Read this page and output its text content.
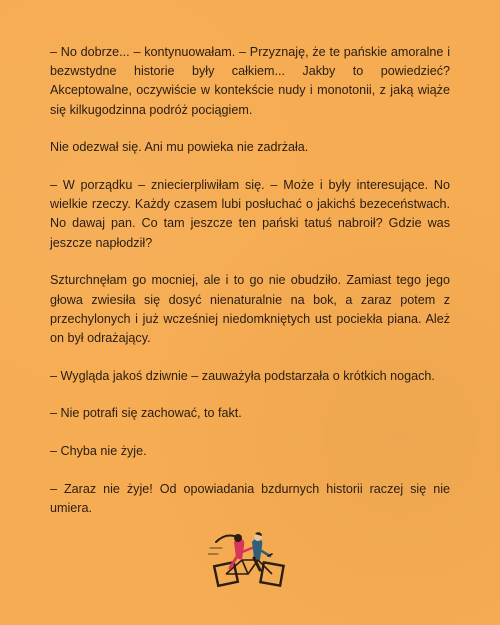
– No dobrze... – kontynuowałam. – Przyznaję, że te pańskie amoralne i bezwstydne historie były całkiem... Jakby to powiedzieć? Akceptowalne, oczywiście w kontekście nudy i monotonii, z jaką wiąże się kilkugodzinna podróż pociągiem.

Nie odezwał się. Ani mu powieka nie zadrżała.

– W porządku – zniecierpliwiłam się. – Może i były interesujące. No wielkie rzeczy. Każdy czasem lubi posłuchać o jakichś bezeceństwach. No dawaj pan. Co tam jeszcze ten pański tatuś nabroił? Gdzie was jeszcze napłodził?

Szturchnęłam go mocniej, ale i to go nie obudziło. Zamiast tego jego głowa zwiesiła się dosyć nienaturalnie na bok, a zaraz potem z przechylonych i już wcześniej niedomkniętych ust pociekła piana. Ależ on był odrażający.

– Wygląda jakoś dziwnie – zauważyła podstarzała o krótkich nogach.

– Nie potrafi się zachować, to fakt.

– Chyba nie żyje.

– Zaraz nie żyje! Od opowiadania bzdurnych historii raczej się nie umiera.
